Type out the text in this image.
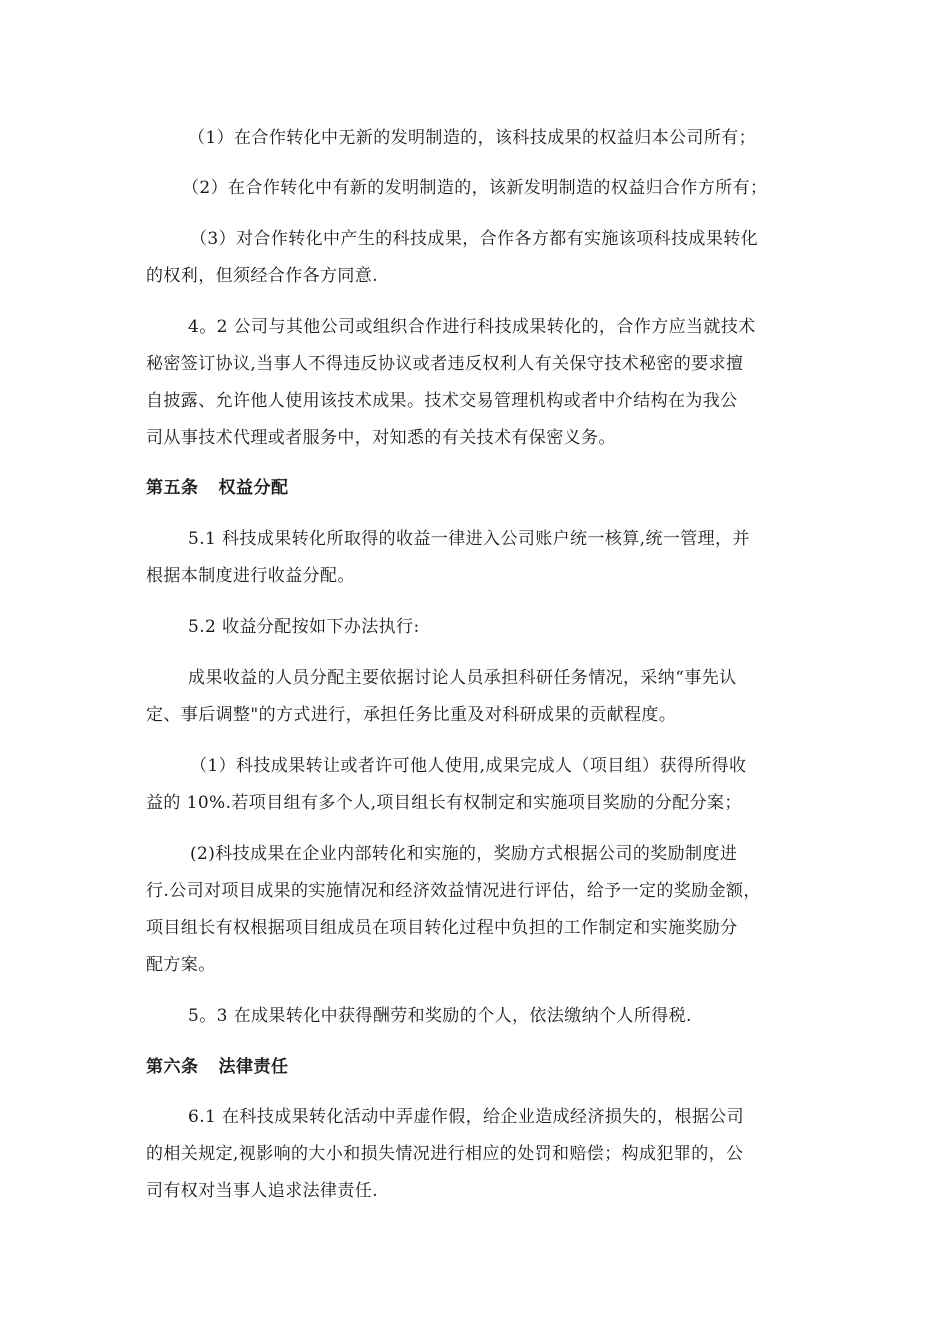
（1）在合作转化中无新的发明制造的，该科技成果的权益归本公司所有；
（2）在合作转化中有新的发明制造的，该新发明制造的权益归合作方所有；
（3）对合作转化中产生的科技成果，合作各方都有实施该项科技成果转化
的权利，但须经合作各方同意.
4。2 公司与其他公司或组织合作进行科技成果转化的，合作方应当就技术
秘密签订协议,当事人不得违反协议或者违反权利人有关保守技术秘密的要求擅
自披露、允许他人使用该技术成果。技术交易管理机构或者中介结构在为我公
司从事技术代理或者服务中，对知悉的有关技术有保密义务。
第五条 权益分配
5.1 科技成果转化所取得的收益一律进入公司账户统一核算,统一管理，并
根据本制度进行收益分配。
5.2 收益分配按如下办法执行:
成果收益的人员分配主要依据讨论人员承担科研任务情况，采纳“事先认
定、事后调整"的方式进行，承担任务比重及对科研成果的贡献程度。
（1）科技成果转让或者许可他人使用,成果完成人（项目组）获得所得收
益的 10%.若项目组有多个人,项目组长有权制定和实施项目奖励的分配分案；
(2)科技成果在企业内部转化和实施的，奖励方式根据公司的奖励制度进
行.公司对项目成果的实施情况和经济效益情况进行评估，给予一定的奖励金额，
项目组长有权根据项目组成员在项目转化过程中负担的工作制定和实施奖励分
配方案。
5。3 在成果转化中获得酬劳和奖励的个人，依法缴纳个人所得税.
第六条 法律责任
6.1 在科技成果转化活动中弄虚作假，给企业造成经济损失的，根据公司
的相关规定,视影响的大小和损失情况进行相应的处罚和赔偿；构成犯罪的，公
司有权对当事人追求法律责任.
